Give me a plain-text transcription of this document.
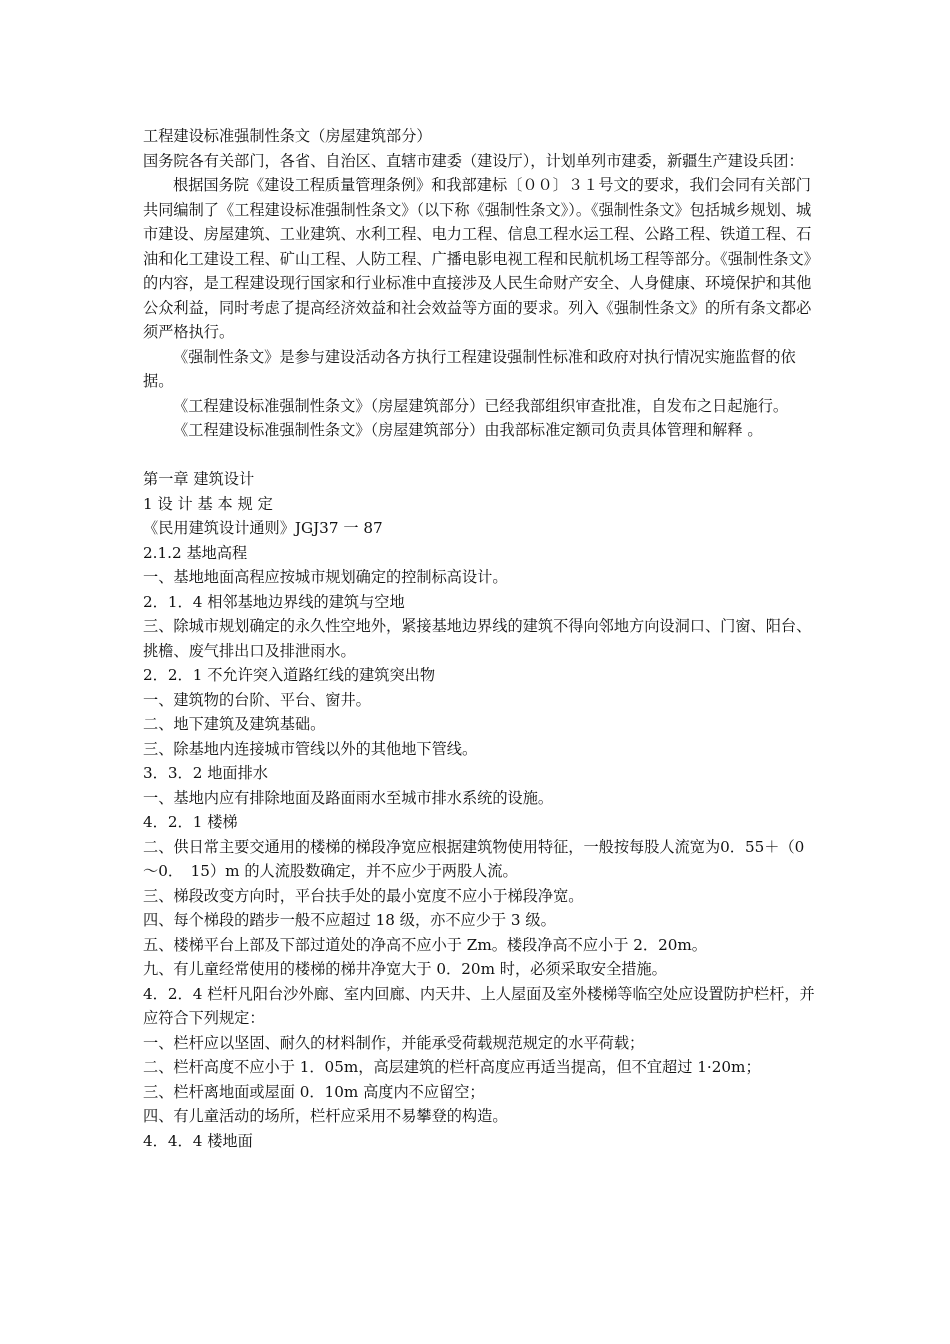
工程建设标准强制性条文（房屋建筑部分）

国务院各有关部门，各省、自治区、直辖市建委（建设厅），计划单列市建委，新疆生产建设兵团：

根据国务院《建设工程质量管理条例》和我部建标〔００〕３１号文的要求，我们会同有关部门共同编制了《工程建设标准强制性条文》（以下称《强制性条文》）。《强制性条文》包括城乡规划、城市建设、房屋建筑、工业建筑、水利工程、电力工程、信息工程水运工程、公路工程、铁道工程、石油和化工建设工程、矿山工程、人防工程、广播电影电视工程和民航机场工程等部分。《强制性条文》的内容，是工程建设现行国家和行业标准中直接涉及人民生命财产安全、人身健康、环境保护和其他公众利益，同时考虑了提高经济效益和社会效益等方面的要求。列入《强制性条文》的所有条文都必须严格执行。

《强制性条文》是参与建设活动各方执行工程建设强制性标准和政府对执行情况实施监督的依据。

《工程建设标准强制性条文》（房屋建筑部分）已经我部组织审查批准，自发布之日起施行。

《工程建设标准强制性条文》（房屋建筑部分）由我部标准定额司负责具体管理和解释 。

第一章 建筑设计

1 设 计 基 本 规 定

《民用建筑设计通则》JGJ37 一 87

2.1.2 基地高程

一、基地地面高程应按城市规划确定的控制标高设计。

2．1．4 相邻基地边界线的建筑与空地

三、除城市规划确定的永久性空地外，紧接基地边界线的建筑不得向邻地方向设洞口、门窗、阳台、挑檐、废气排出口及排泄雨水。

2．2．1 不允许突入道路红线的建筑突出物

一、建筑物的台阶、平台、窗井。

二、地下建筑及建筑基础。

三、除基地内连接城市管线以外的其他地下管线。

3．3．2 地面排水

一、基地内应有排除地面及路面雨水至城市排水系统的设施。

4．2．1 楼梯

二、供日常主要交通用的楼梯的梯段净宽应根据建筑物使用特征，一般按每股人流宽为0．55＋（0～0．　15）m 的人流股数确定，并不应少于两股人流。

三、梯段改变方向时，平台扶手处的最小宽度不应小于梯段净宽。

四、每个梯段的踏步一般不应超过 18 级，亦不应少于 3 级。

五、楼梯平台上部及下部过道处的净高不应小于 Zm。楼段净高不应小于 2．20m。

九、有儿童经常使用的楼梯的梯井净宽大于 0．20m 时，必须采取安全措施。

4．2．4 栏杆凡阳台沙外廊、室内回廊、内天井、上人屋面及室外楼梯等临空处应设置防护栏杆，并应符合下列规定：

一、栏杆应以坚固、耐久的材料制作，并能承受荷载规范规定的水平荷载；

二、栏杆高度不应小于 1．05m，高层建筑的栏杆高度应再适当提高，但不宜超过 1·20m；

三、栏杆离地面或屋面 0．10m 高度内不应留空；

四、有儿童活动的场所，栏杆应采用不易攀登的构造。

4．4．4 楼地面
